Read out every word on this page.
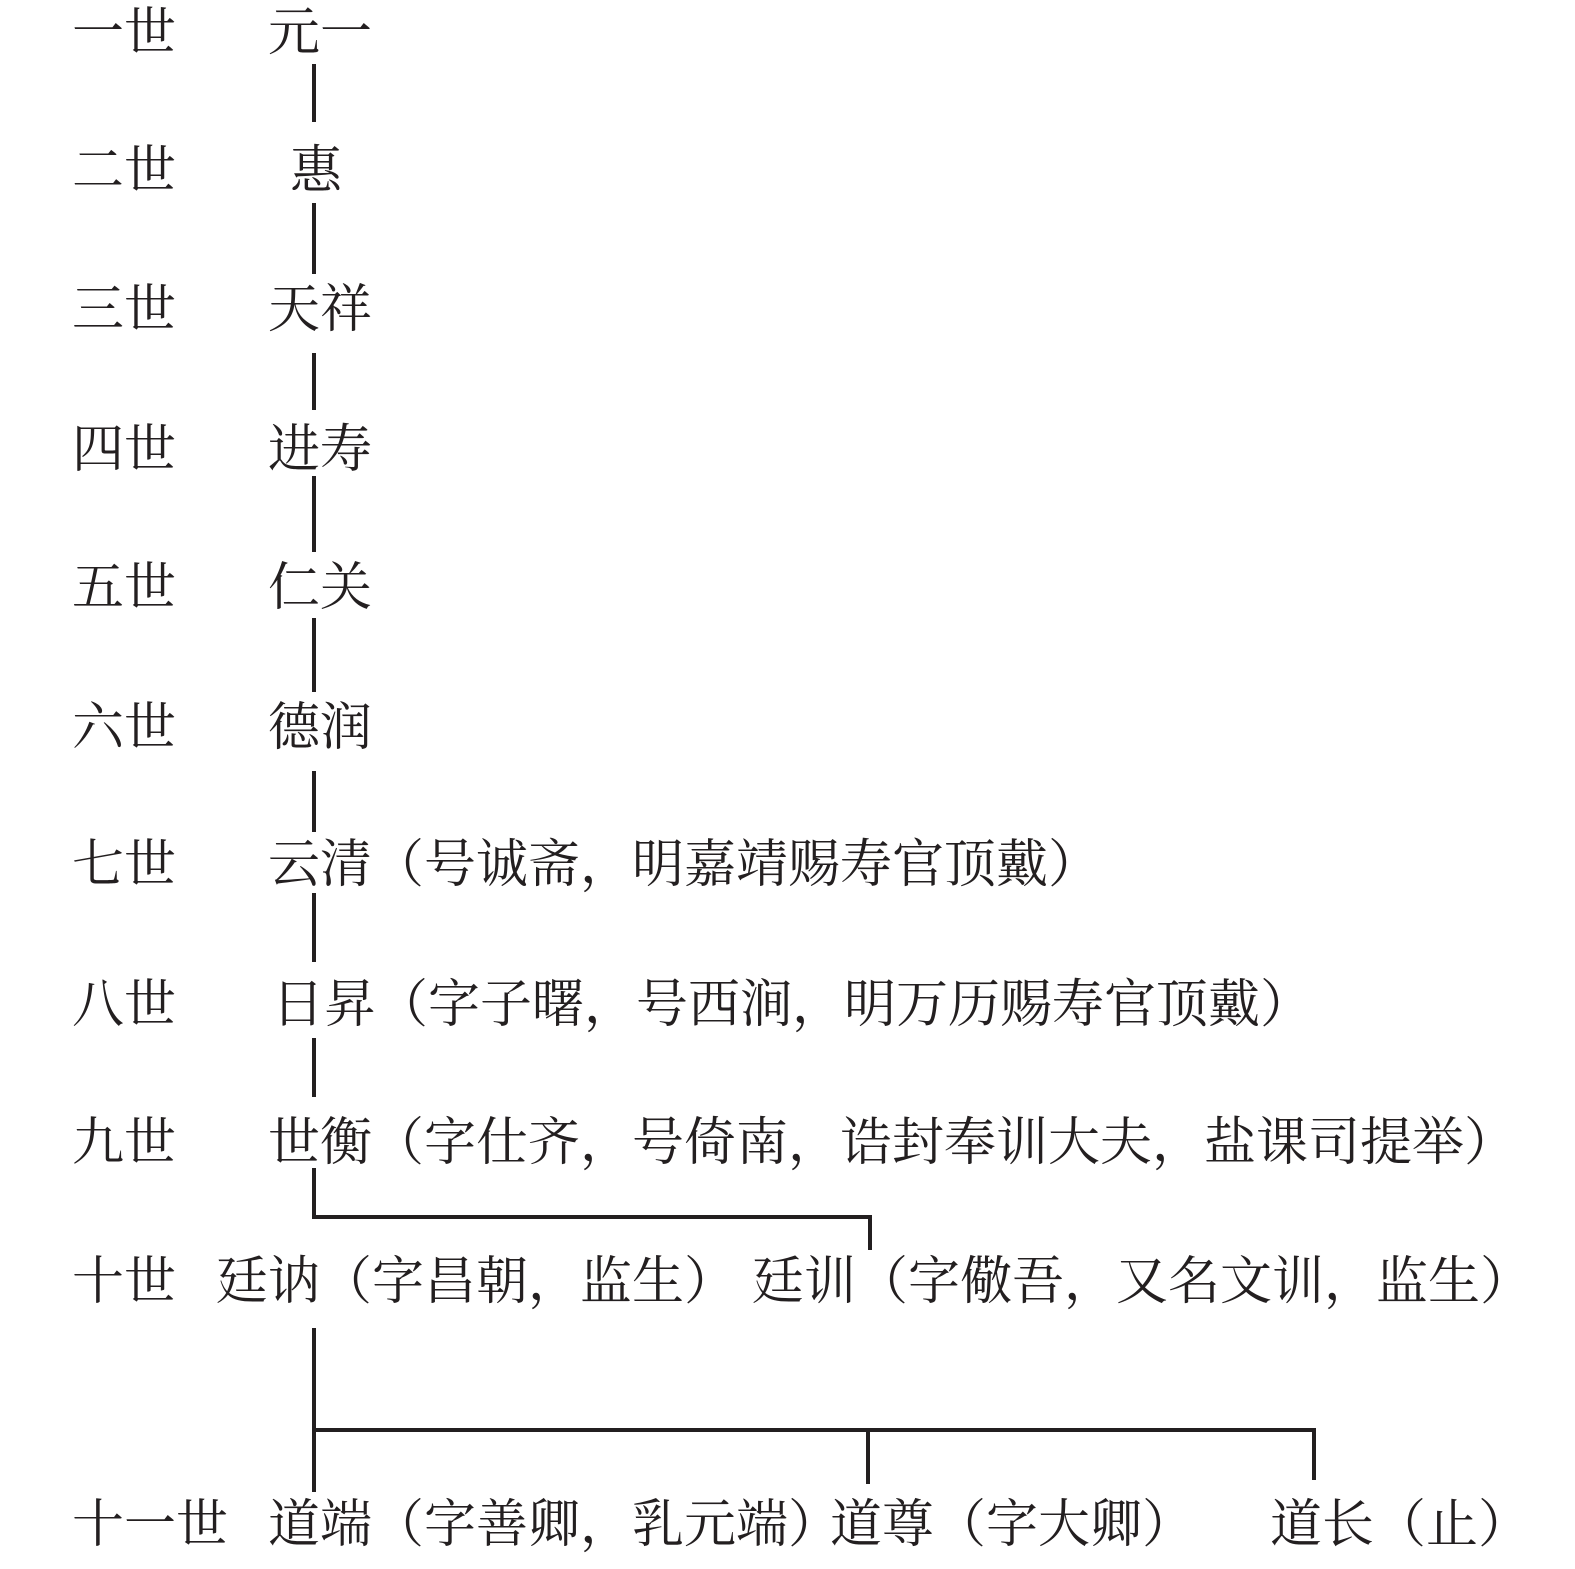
一世
二世
三世
四世
五世
六世
七世
八世
九世
十世
十一世
元一
惠
天祥
进寿
仁关
德润
云清（号诚斋，明嘉靖赐寿官顶戴）
日昇（字子曙，号西涧，明万历赐寿官顶戴）
世衡（字仕齐，号倚南，诰封奉训大夫，盐课司提举）
廷讷（字昌朝，监生） 廷训（字儆吾，又名文训，监生）
道端（字善卿，乳元端）
道尊（字大卿） 道长（止）
